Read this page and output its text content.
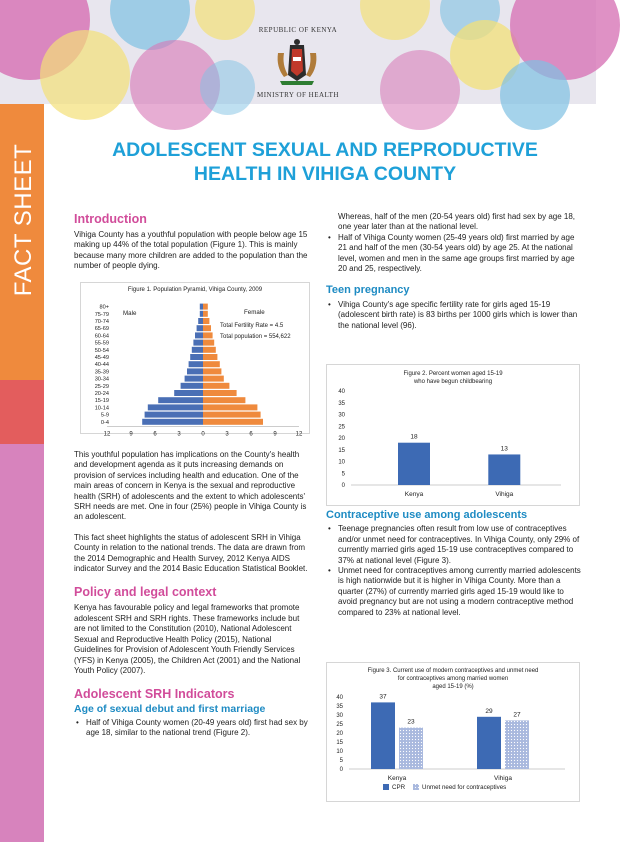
REPUBLIC OF KENYA
MINISTRY OF HEALTH
FACT SHEET	ADOLESCENT SEXUAL AND REPRODUCTIVE
HEALTH IN VIHIGA COUNTY
Introduction

Vihiga County has a youthful population with people below age 15 making up 44% of the total population (Figure 1). This is mainly because many more children are added to the population than the number of people dying.

Figure 1. Population Pyramid, Vihiga County, 2009
0-4
5-9
10-14
15-19
20-24
25-29
30-34
35-39
40-44
45-49
50-54
55-59
60-64
65-69
70-74
75-79
80+
12	9	6	3	0	3	6	9	12
Male	Female
Total Fertility Rate = 4.5
Total population = 554,622

This youthful population has implications on the County's health and development agenda as it puts increasing demands on provision of services including health and education. One of the main areas of concern in Kenya is the sexual and reproductive health (SRH) of adolescents and the extent to which adolescents' SRH needs are met. One in four (25%) people in Vihiga County is an adolescent.

This fact sheet highlights the status of adolescent SRH in Vihiga County in relation to the national trends. The data are drawn from the 2014 Demographic and Health Survey, 2012 Kenya AIDS indicator Survey and the 2014 Basic Education Statistical Booklet.

Policy and legal context

Kenya has favourable policy and legal frameworks that promote adolescent SRH and SRH rights. These frameworks include but are not limited to the Constitution (2010), National Adolescent Sexual and Reproductive Health Policy (2015), National Guidelines for Provision of Adolescent Youth Friendly Services (YFS) in Kenya (2005), the Children Act (2001) and the National Youth Policy (2007).

Adolescent SRH Indicators
Age of sexual debut and first marriage
• Half of Vihiga County women (20-49 years old) first had sex by age 18, similar to the national trend (Figure 2).

Whereas, half of the men (20-54 years old) first had sex by age 18, one year later than at the national level.

• Half of Vihiga County women (25-49 years old) first married by age 21 and half of the men (30-54 years old) by age 25. At the national level, women and men in the same age groups first married by age 20 and 25, respectively.
Teen pregnancy
• Vihiga County's age specific fertility rate for girls aged 15-19 (adolescent birth rate) is 83 births per 1000 girls which is lower than the national level (96).
Figure 2. Percent women aged 15-19
who have begun childbearing
0
5
10
15
20
25
30
35
40
18
Kenya
13
Vihiga
Contraceptive use among adolescents
• Teenage pregnancies often result from low use of contraceptives and/or unmet need for contraceptives. In Vihiga County, only 29% of currently married girls aged 15-19 use contraceptives compared to 37% at national level (Figure 3).
• Unmet need for contraceptives among currently married adolescents is high nationwide but it is higher in Vihiga County. More than a quarter (27%) of currently married girls aged 15-19 would like to avoid pregnancy but are not using a modern contraceptive method compared to 23% at national level.
Figure 3. Current use of modern contraceptives and unmet need
for contraceptives among married women
aged 15-19 (%)
0
5
10
15
20
25
30
35
40	37
23
Kenya
29
27
Vihiga
CPR	Unmet need for contraceptives
